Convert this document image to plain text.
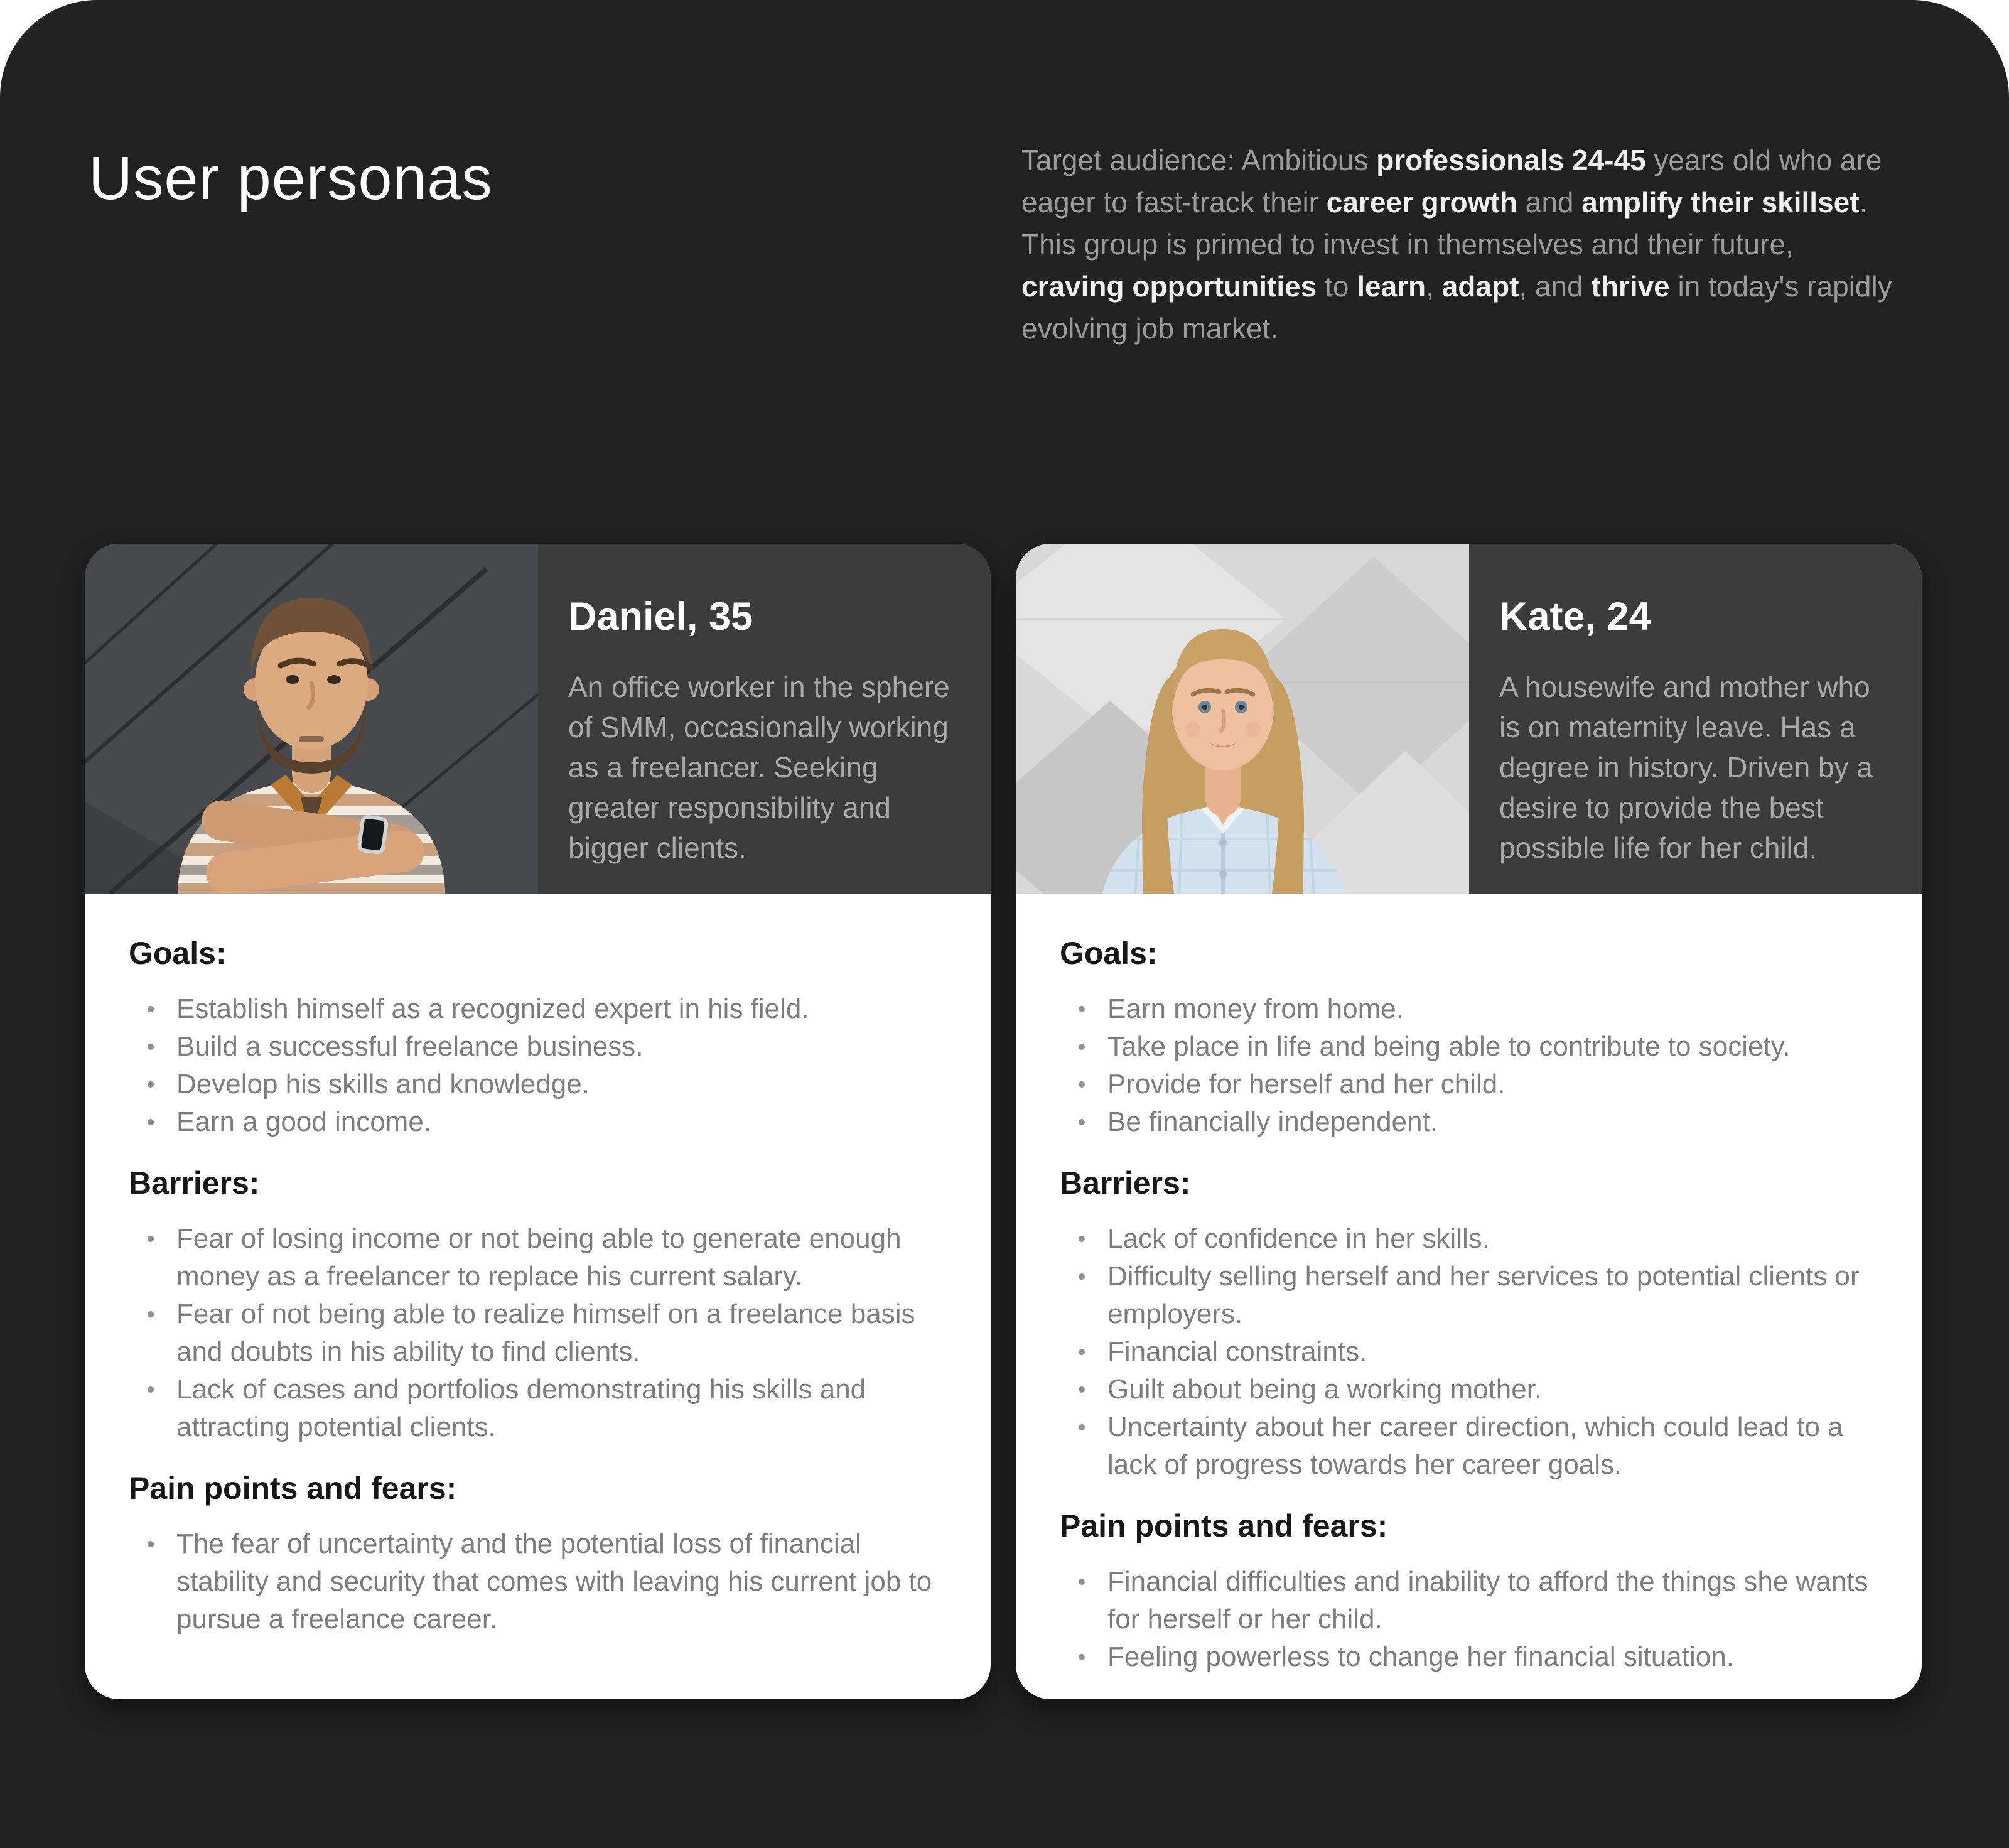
User personas	Target audience: Ambitious professionals 24-45 years old who are eager to fast-track their career growth and amplify their skillset. This group is primed to invest in themselves and their future, craving opportunities to learn, adapt, and thrive in today's rapidly evolving job market.
Daniel, 35

An office worker in the sphere of SMM, occasionally working as a freelancer. Seeking greater responsibility and bigger clients.

Goals:
Establish himself as a recognized expert in his field.
Build a successful freelance business.
Develop his skills and knowledge.
Earn a good income.
Barriers:
Fear of losing income or not being able to generate enough money as a freelancer to replace his current salary.
Fear of not being able to realize himself on a freelance basis and doubts in his ability to find clients.
Lack of cases and portfolios demonstrating his skills and attracting potential clients.
Pain points and fears:
The fear of uncertainty and the potential loss of financial stability and security that comes with leaving his current job to pursue a freelance career.
Kate, 24

A housewife and mother who is on maternity leave. Has a degree in history. Driven by a desire to provide the best possible life for her child.

Goals:
Earn money from home.
Take place in life and being able to contribute to society.
Provide for herself and her child.
Be financially independent.
Barriers:
Lack of confidence in her skills.
Difficulty selling herself and her services to potential clients or employers.
Financial constraints.
Guilt about being a working mother.
Uncertainty about her career direction, which could lead to a lack of progress towards her career goals.
Pain points and fears:
Financial difficulties and inability to afford the things she wants for herself or her child.
Feeling powerless to change her financial situation.
